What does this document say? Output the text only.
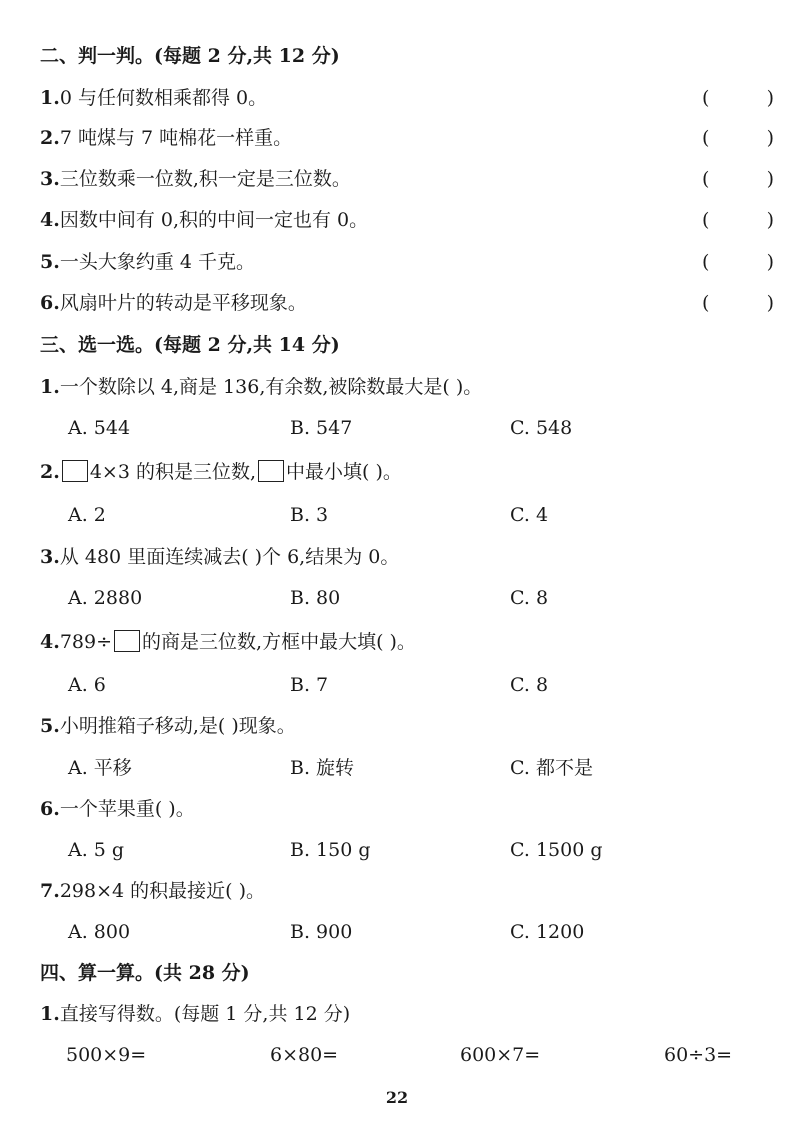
二、判一判。(每题 2 分,共 12 分)
1.0 与任何数相乘都得 0。	(	)
2.7 吨煤与 7 吨棉花一样重。	(	)
3.三位数乘一位数,积一定是三位数。	(	)
4.因数中间有 0,积的中间一定也有 0。	(	)
5.一头大象约重 4 千克。	(	)
6.风扇叶片的转动是平移现象。	(	)
三、选一选。(每题 2 分,共 14 分)
1.一个数除以 4,商是 136,有余数,被除数最大是( )。
A. 544	B. 547	C. 548
2. 4×3 的积是三位数, 中最小填( )。
A. 2	B. 3	C. 4
3.从 480 里面连续减去( )个 6,结果为 0。
A. 2880	B. 80	C. 8
4.789÷ 的商是三位数,方框中最大填( )。
A. 6	B. 7	C. 8
5.小明推箱子移动,是( )现象。
A. 平移	B. 旋转	C. 都不是
6.一个苹果重( )。
A. 5 g	B. 150 g	C. 1500 g
7.298×4 的积最接近( )。
A. 800	B. 900	C. 1200
四、算一算。(共 28 分)
1.直接写得数。(每题 1 分,共 12 分)
500×9=	6×80=	600×7=	60÷3=
22
